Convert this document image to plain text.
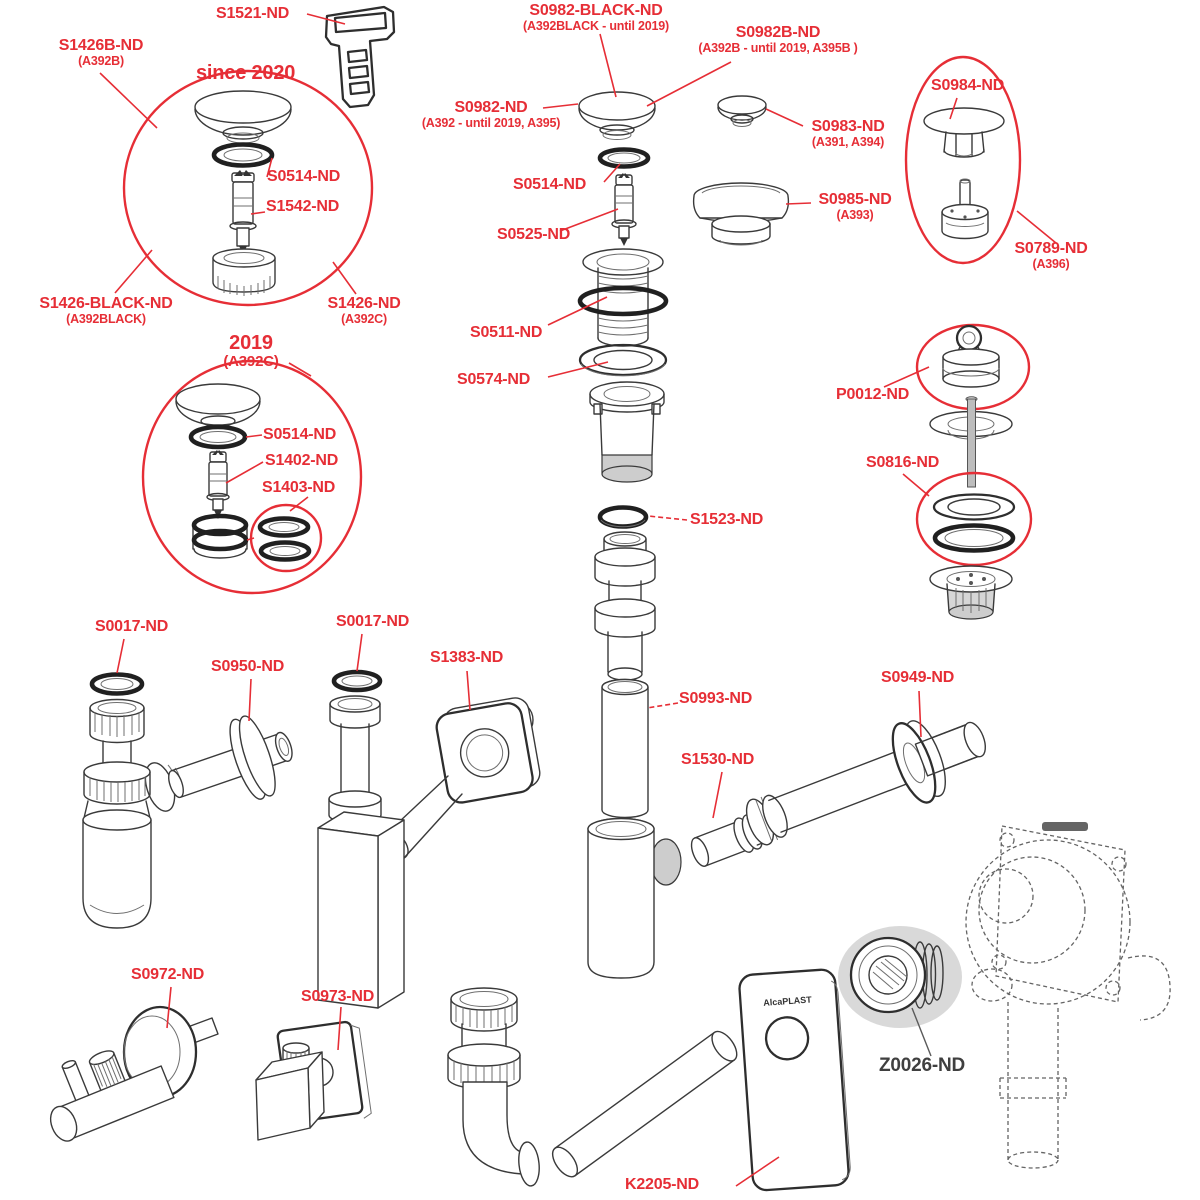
AlcaPLAST
S1426B-ND
(A392B)
S1521-ND
since 2020
S0514-ND
S1542-ND
S1426-BLACK-ND
(A392BLACK)
S1426-ND
(A392C)
2019
(A392C)
S0514-ND
S1402-ND
S1403-ND
S0982-BLACK-ND
(A392BLACK - until 2019)	S0982B-ND
(A392B - until 2019, A395B )
S0982-ND
(A392 - until 2019, A395)	S0983-ND
(A391, A394)
S0514-ND
S0525-ND
S0985-ND
(A393)
S0984-ND
S0789-ND
(A396)
S0511-ND
S0574-ND
S1523-ND
P0012-ND
S0816-ND
S0017-ND
S0950-ND
S0017-ND
S1383-ND
S0993-ND
S1530-ND
S0949-ND
S0972-ND
S0973-ND
K2205-ND
Z0026-ND
